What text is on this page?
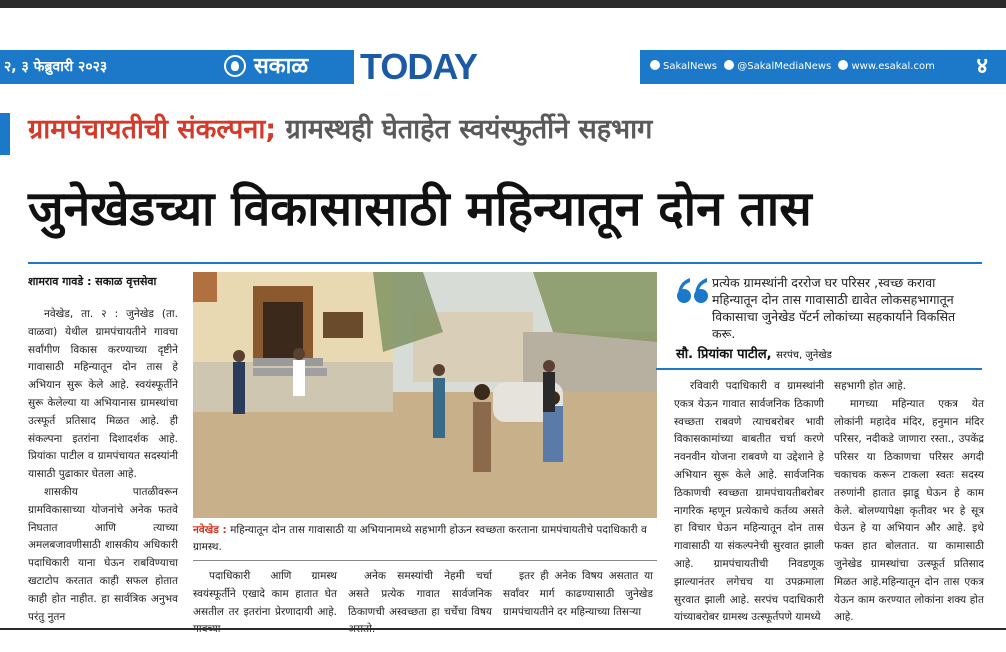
२, ३ फेब्रुवारी २०२३	सकाळ	TODAY	SakalNews @SakalMediaNews www.esakal.com ४
ग्रामपंचायतीची संकल्पना; ग्रामस्थही घेताहेत स्वयंस्फुर्तीने सहभाग
जुनेखेडच्या विकासासाठी महिन्यातून दोन तास
शामराव गावडे : सकाळ वृत्तसेवा

नवेखेड, ता. २ : जुनेखेड (ता. वाळवा) येथील ग्रामपंचायतीने गावचा सर्वांगीण विकास करण्याच्या दृष्टीने गावासाठी महिन्यातून दोन तास हे अभियान सुरू केले आहे. स्वयंस्फूर्तीने सुरू केलेल्या या अभियानास ग्रामस्थांचा उत्स्फूर्त प्रतिसाद मिळत आहे. ही संकल्पना इतरांना दिशादर्शक आहे. प्रियांका पाटील व ग्रामपंचायत सदस्यांनी यासाठी पुढाकार घेतला आहे.

शासकीय पातळीवरून ग्रामविकासाच्या योजनांचे अनेक फतवे निघतात आणि त्याच्या अमलबजावणीसाठी शासकीय अधिकारी पदाधिकारी याना घेऊन राबविण्याचा खटाटोप करतात काही सफल होतात काही होत नाहीत. हा सार्वत्रिक अनुभव परंतु नुतन

नवेखेड : महिन्यातून दोन तास गावासाठी या अभियानामध्ये सहभागी होऊन स्वच्छता करताना ग्रामपंचायतीचे पदाधिकारी व ग्रामस्थ.

पदाधिकारी आणि ग्रामस्थ स्वयंस्फूर्तीने एखादे काम हातात घेत असतील तर इतरांना प्रेरणादायी आहे.

अनेक समस्यांची नेहमी चर्चा असते प्रत्येक गावात सार्वजनिक ठिकाणची अस्वच्छता हा चर्चेचा विषय

इतर ही अनेक विषय असतात या सर्वांवर मार्ग काढण्यासाठी जुनेखेड ग्रामपंचायतीने दर महिन्याच्या तिसऱ्या

प्रत्येक ग्रामस्थांनी दररोज घर परिसर ,स्वच्छ करावा महिन्यातून दोन तास गावासाठी द्यावेत लोकसहभागातून विकासाचा जुनेखेड पॅटर्न लोकांच्या सहकार्याने विकसित करू.
सौ. प्रियांका पाटील, सरपंच, जुनेखेड

रविवारी पदाधिकारी व ग्रामस्थांनी एकत्र येऊन गावात सार्वजनिक ठिकाणी स्वच्छता राबवणे त्याचबरोबर भावी विकासकामांच्या बाबतीत चर्चा करणे नवनवीन योजना राबवणे या उद्देशाने हे अभियान सुरू केले आहे. सार्वजनिक ठिकाणची स्वच्छता ग्रामपंचायतीबरोबर नागरिक म्हणून प्रत्येकाचे कर्तव्य असते हा विचार घेऊन महिन्यातून दोन तास गावासाठी या संकल्पनेची सुरवात झाली आहे. ग्रामपंचायतीची निवडणूक झाल्यानंतर लगेचच या उपक्रमाला सुरवात झाली आहे. सरपंच पदाधिकारी यांच्याबरोबर ग्रामस्थ उत्स्फूर्तपणे यामध्ये

सहभागी होत आहे.

मागच्या महिन्यात एकत्र येत लोकांनी महादेव मंदिर, हनुमान मंदिर परिसर, नदीकडे जाणारा रस्ता., उपकेंद्र परिसर या ठिकाणचा परिसर अगदी चकाचक करून टाकला स्वतः सदस्य तरुणांनी हातात झाडू घेऊन हे काम केले. बोलण्यापेक्षा कृतीवर भर हे सूत्र घेऊन हे या अभियान और आहे. इथे फक्त हात बोलतात. या कामासाठी जुनेखेड ग्रामस्थांचा उत्स्फूर्त प्रतिसाद मिळत आहे.महिन्यातून दोन तास एकत्र येऊन काम करण्यात लोकांना शक्य होत आहे.
